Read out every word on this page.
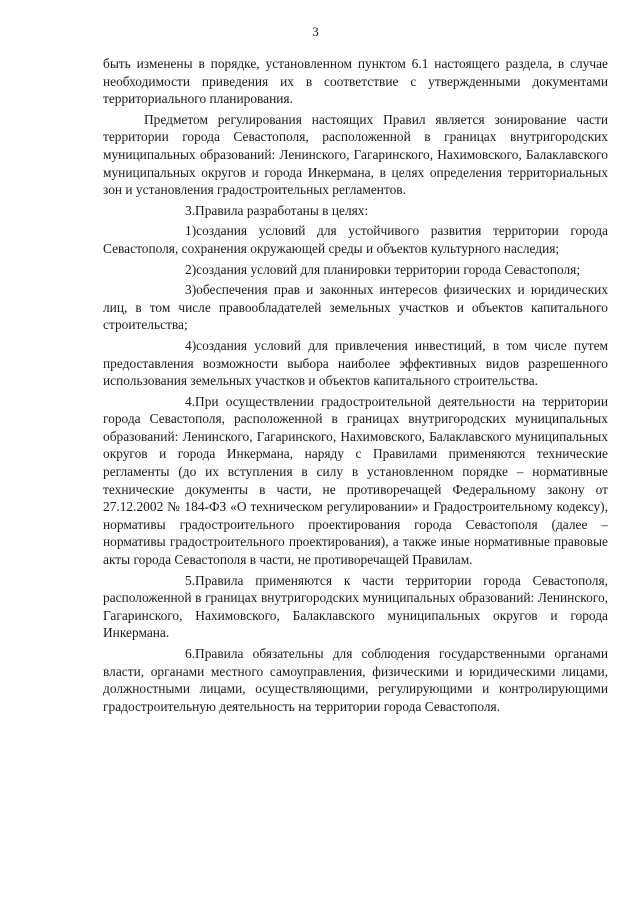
3

быть изменены в порядке, установленном пунктом 6.1 настоящего раздела, в случае необходимости приведения их в соответствие с утвержденными документами территориального планирования.

Предметом регулирования настоящих Правил является зонирование части территории города Севастополя, расположенной в границах внутригородских муниципальных образований: Ленинского, Гагаринского, Нахимовского, Балаклавского муниципальных округов и города Инкермана, в целях определения территориальных зон и установления градостроительных регламентов.

3.Правила разработаны в целях:

1)создания условий для устойчивого развития территории города Севастополя, сохранения окружающей среды и объектов культурного наследия;

2)создания условий для планировки территории города Севастополя;

3)обеспечения прав и законных интересов физических и юридических лиц, в том числе правообладателей земельных участков и объектов капитального строительства;

4)создания условий для привлечения инвестиций, в том числе путем предоставления возможности выбора наиболее эффективных видов разрешенного использования земельных участков и объектов капитального строительства.

4.При осуществлении градостроительной деятельности на территории города Севастополя, расположенной в границах внутригородских муниципальных образований: Ленинского, Гагаринского, Нахимовского, Балаклавского муниципальных округов и города Инкермана, наряду с Правилами применяются технические регламенты (до их вступления в силу в установленном порядке – нормативные технические документы в части, не противоречащей Федеральному закону от 27.12.2002 № 184-ФЗ «О техническом регулировании» и Градостроительному кодексу), нормативы градостроительного проектирования города Севастополя (далее – нормативы градостроительного проектирования), а также иные нормативные правовые акты города Севастополя в части, не противоречащей Правилам.

5.Правила применяются к части территории города Севастополя, расположенной в границах внутригородских муниципальных образований: Ленинского, Гагаринского, Нахимовского, Балаклавского муниципальных округов и города Инкермана.

6.Правила обязательны для соблюдения государственными органами власти, органами местного самоуправления, физическими и юридическими лицами, должностными лицами, осуществляющими, регулирующими и контролирующими градостроительную деятельность на территории города Севастополя.
